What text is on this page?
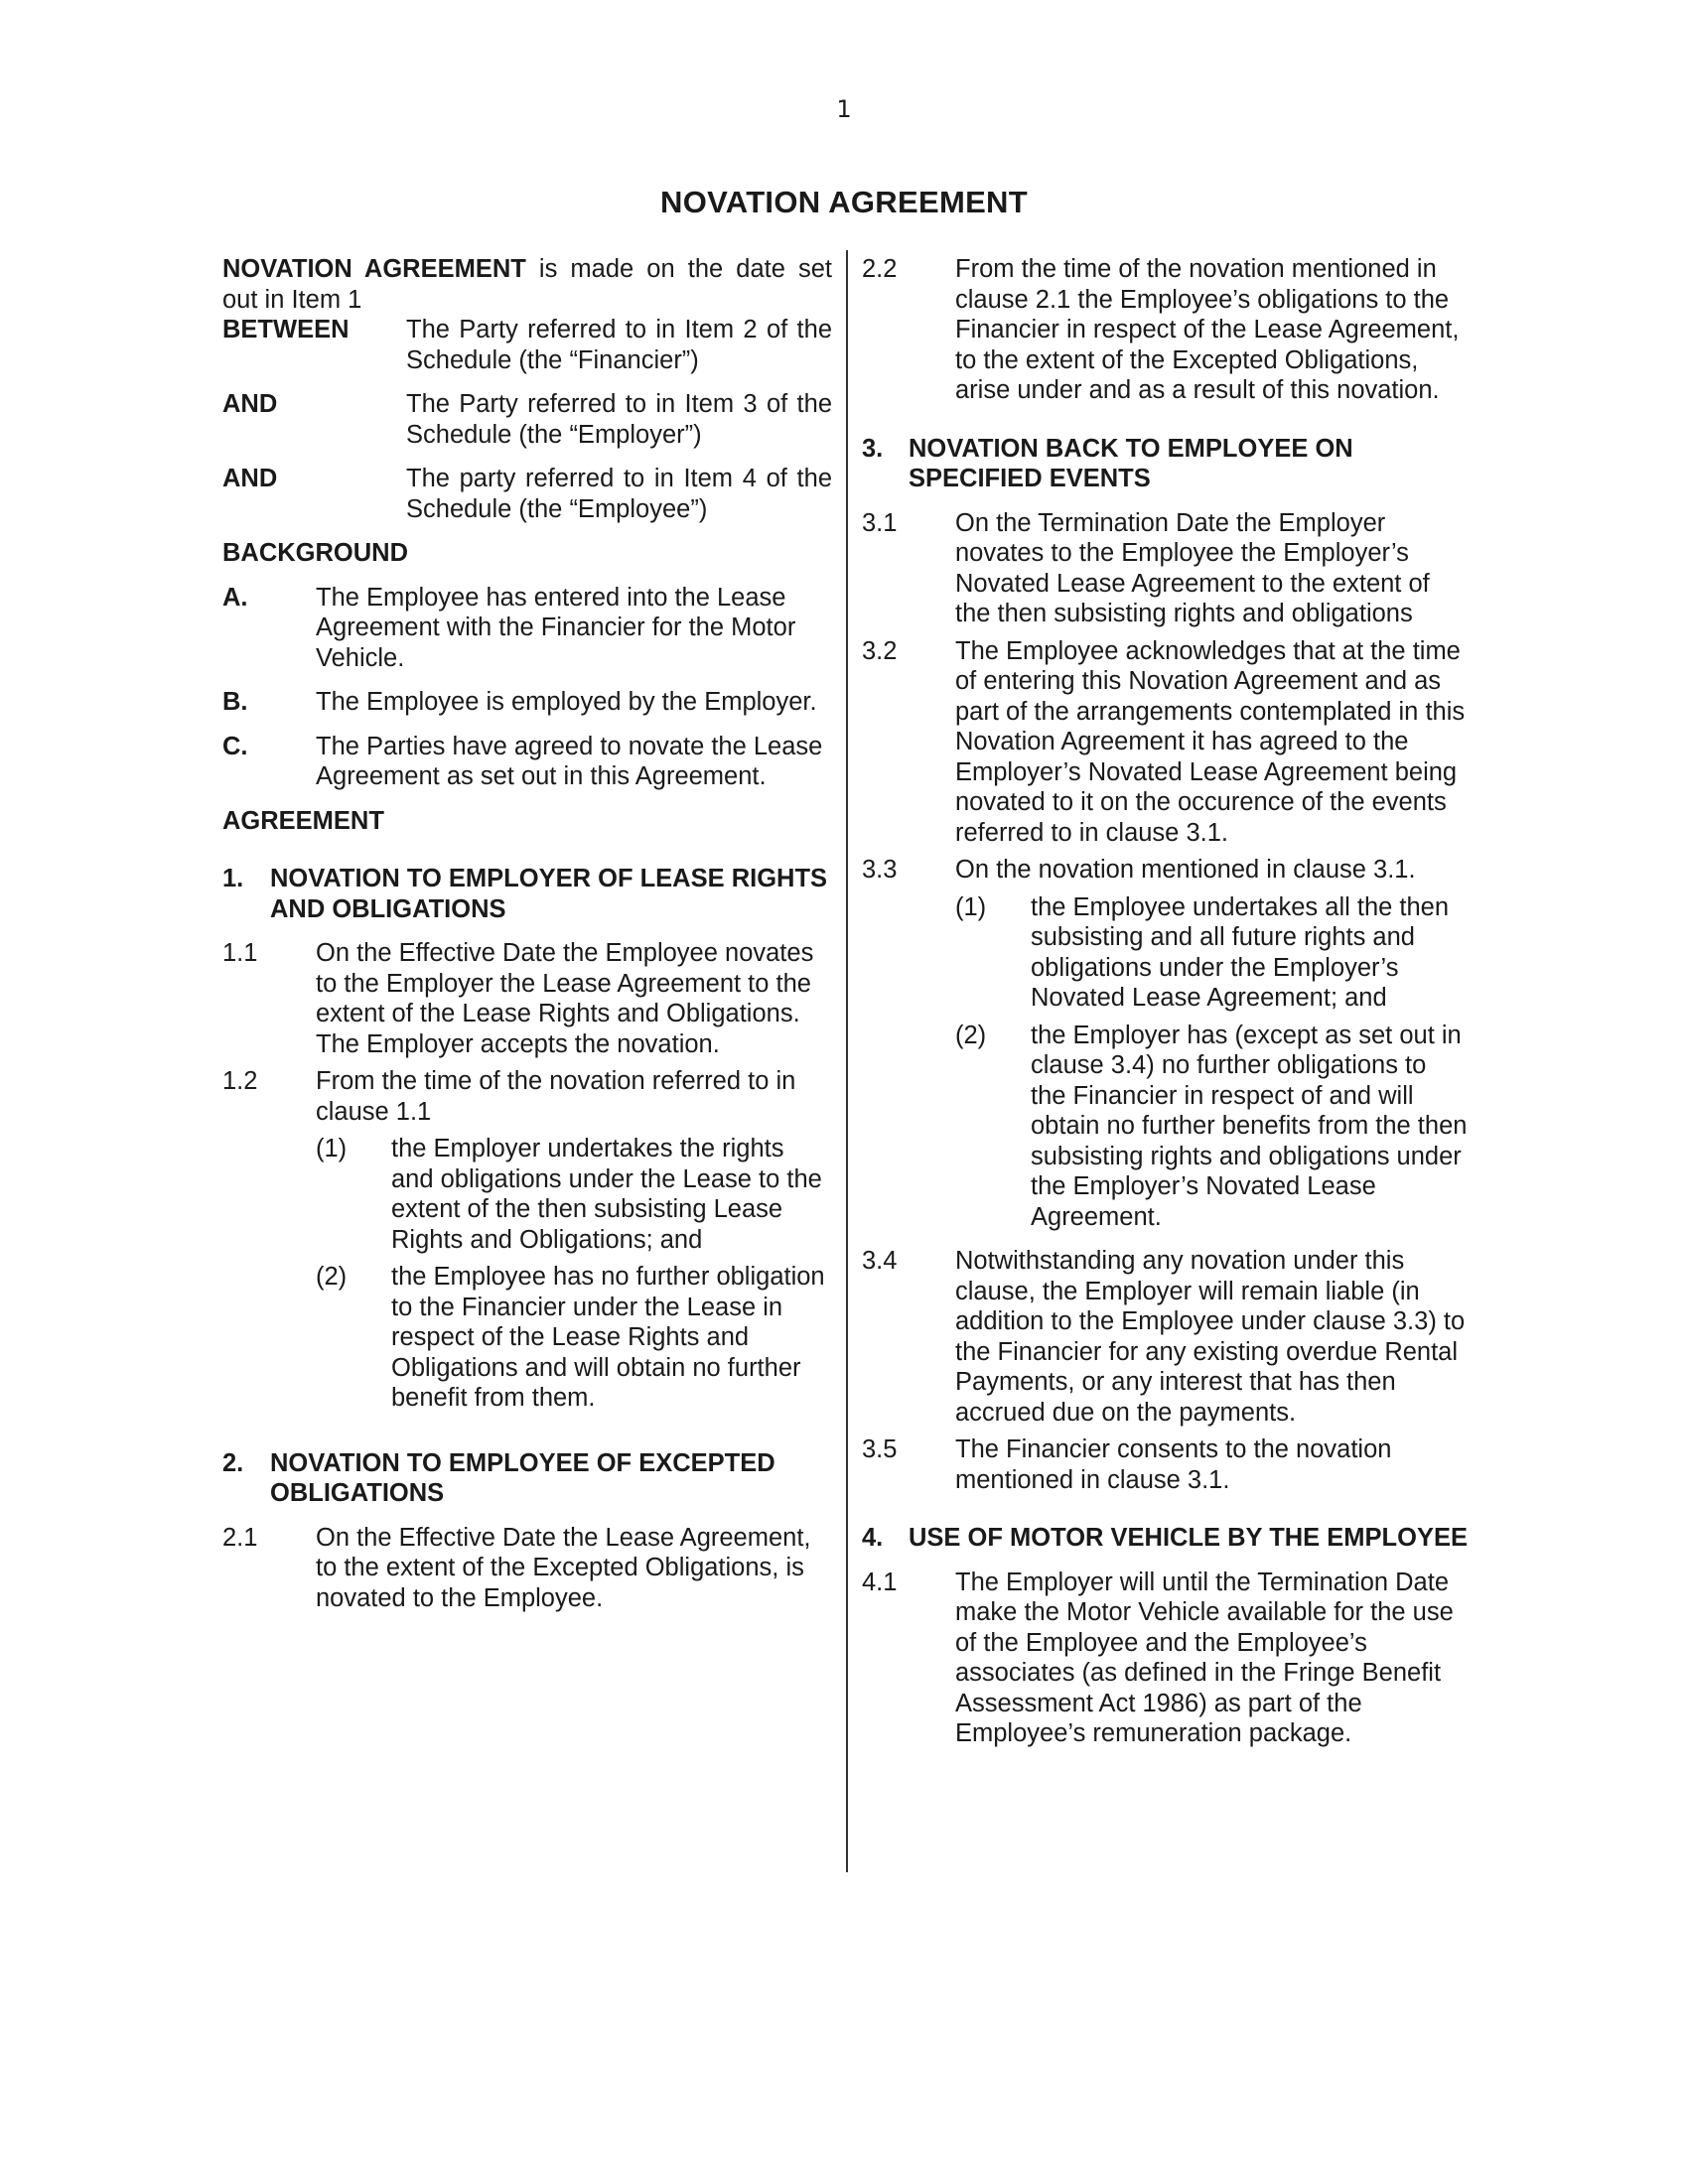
1
NOVATION AGREEMENT
NOVATION AGREEMENT is made on the date set out in Item 1
BETWEEN	The Party referred to in Item 2 of the Schedule (the “Financier”)
AND	The Party referred to in Item 3 of the Schedule (the “Employer”)
AND	The party referred to in Item 4 of the Schedule (the “Employee”)
BACKGROUND
A.	The Employee has entered into the Lease Agreement with the Financier for the Motor Vehicle.
B.	The Employee is employed by the Employer.
C.	The Parties have agreed to novate the Lease Agreement as set out in this Agreement.
AGREEMENT
1.	NOVATION TO EMPLOYER OF LEASE RIGHTS AND OBLIGATIONS
1.1	On the Effective Date the Employee novates to the Employer the Lease Agreement to the extent of the Lease Rights and Obligations. The Employer accepts the novation.
1.2	From the time of the novation referred to in clause 1.1
(1)	the Employer undertakes the rights and obligations under the Lease to the extent of the then subsisting Lease Rights and Obligations; and
(2)	the Employee has no further obligation to the Financier under the Lease in respect of the Lease Rights and Obligations and will obtain no further benefit from them.
2.	NOVATION TO EMPLOYEE OF EXCEPTED OBLIGATIONS
2.1	On the Effective Date the Lease Agreement, to the extent of the Excepted Obligations, is novated to the Employee.
2.2	From the time of the novation mentioned in clause 2.1 the Employee’s obligations to the Financier in respect of the Lease Agreement, to the extent of the Excepted Obligations, arise under and as a result of this novation.
3.	NOVATION BACK TO EMPLOYEE ON SPECIFIED EVENTS
3.1	On the Termination Date the Employer novates to the Employee the Employer’s Novated Lease Agreement to the extent of the then subsisting rights and obligations
3.2	The Employee acknowledges that at the time of entering this Novation Agreement and as part of the arrangements contemplated in this Novation Agreement it has agreed to the Employer’s Novated Lease Agreement being novated to it on the occurence of the events referred to in clause 3.1.
3.3	On the novation mentioned in clause 3.1.
(1)	the Employee undertakes all the then subsisting and all future rights and obligations under the Employer’s Novated Lease Agreement; and
(2)	the Employer has (except as set out in clause 3.4) no further obligations to the Financier in respect of and will obtain no further benefits from the then subsisting rights and obligations under the Employer’s Novated Lease Agreement.
3.4	Notwithstanding any novation under this clause, the Employer will remain liable (in addition to the Employee under clause 3.3) to the Financier for any existing overdue Rental Payments, or any interest that has then accrued due on the payments.
3.5	The Financier consents to the novation mentioned in clause 3.1.
4.	USE OF MOTOR VEHICLE BY THE EMPLOYEE
4.1	The Employer will until the Termination Date make the Motor Vehicle available for the use of the Employee and the Employee’s associates (as defined in the Fringe Benefit Assessment Act 1986) as part of the Employee’s remuneration package.
